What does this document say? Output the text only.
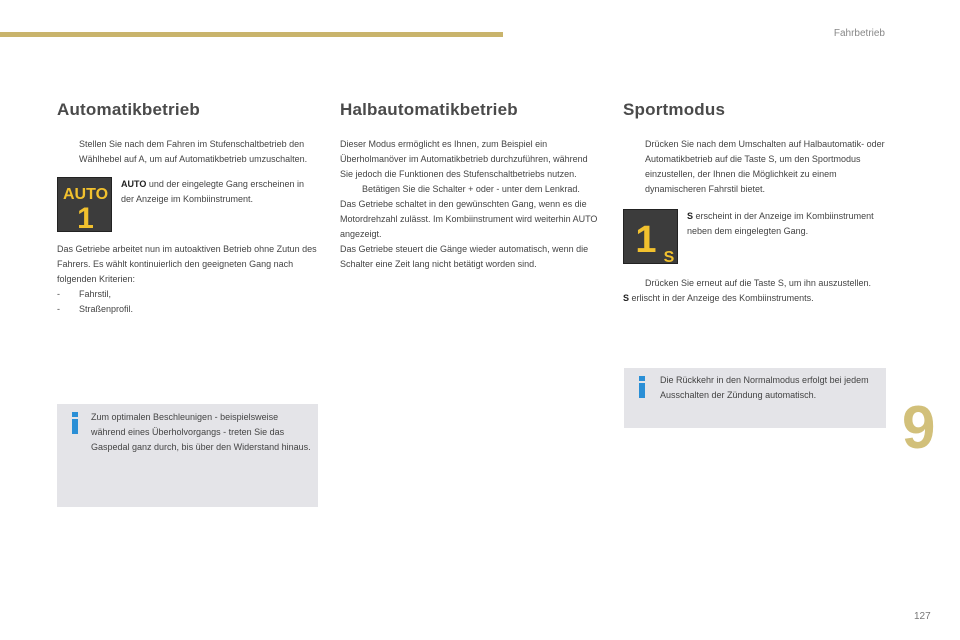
Fahrbetrieb
Automatikbetrieb
Stellen Sie nach dem Fahren im Stufenschaltbetrieb den Wählhebel auf A, um auf Automatikbetrieb umzuschalten.
AUTO
1
AUTO und der eingelegte Gang erscheinen in der Anzeige im Kombiinstrument.

Das Getriebe arbeitet nun im autoaktiven Betrieb ohne Zutun des Fahrers. Es wählt kontinuierlich den geeigneten Gang nach folgenden Kriterien:

-	Fahrstil,
-	Straßenprofil.
Zum optimalen Beschleunigen - beispielsweise während eines Überholvorgangs - treten Sie das Gaspedal ganz durch, bis über den Widerstand hinaus.
Halbautomatikbetrieb

Dieser Modus ermöglicht es Ihnen, zum Beispiel ein Überholmanöver im Automatikbetrieb durchzuführen, während Sie jedoch die Funktionen des Stufenschaltbetriebs nutzen.

Betätigen Sie die Schalter + oder - unter dem Lenkrad.

Das Getriebe schaltet in den gewünschten Gang, wenn es die Motordrehzahl zulässt. Im Kombiinstrument wird weiterhin AUTO angezeigt.

Das Getriebe steuert die Gänge wieder automatisch, wenn die Schalter eine Zeit lang nicht betätigt worden sind.

Sportmodus
Drücken Sie nach dem Umschalten auf Halbautomatik- oder Automatikbetrieb auf die Taste S, um den Sportmodus einzustellen, der Ihnen die Möglichkeit zu einem dynamischeren Fahrstil bietet.
1 S
S erscheint in der Anzeige im Kombiinstrument neben dem eingelegten Gang.
Drücken Sie erneut auf die Taste S, um ihn auszustellen.

S erlischt in der Anzeige des Kombiinstruments.

Die Rückkehr in den Normalmodus erfolgt bei jedem Ausschalten der Zündung automatisch.	9
127
